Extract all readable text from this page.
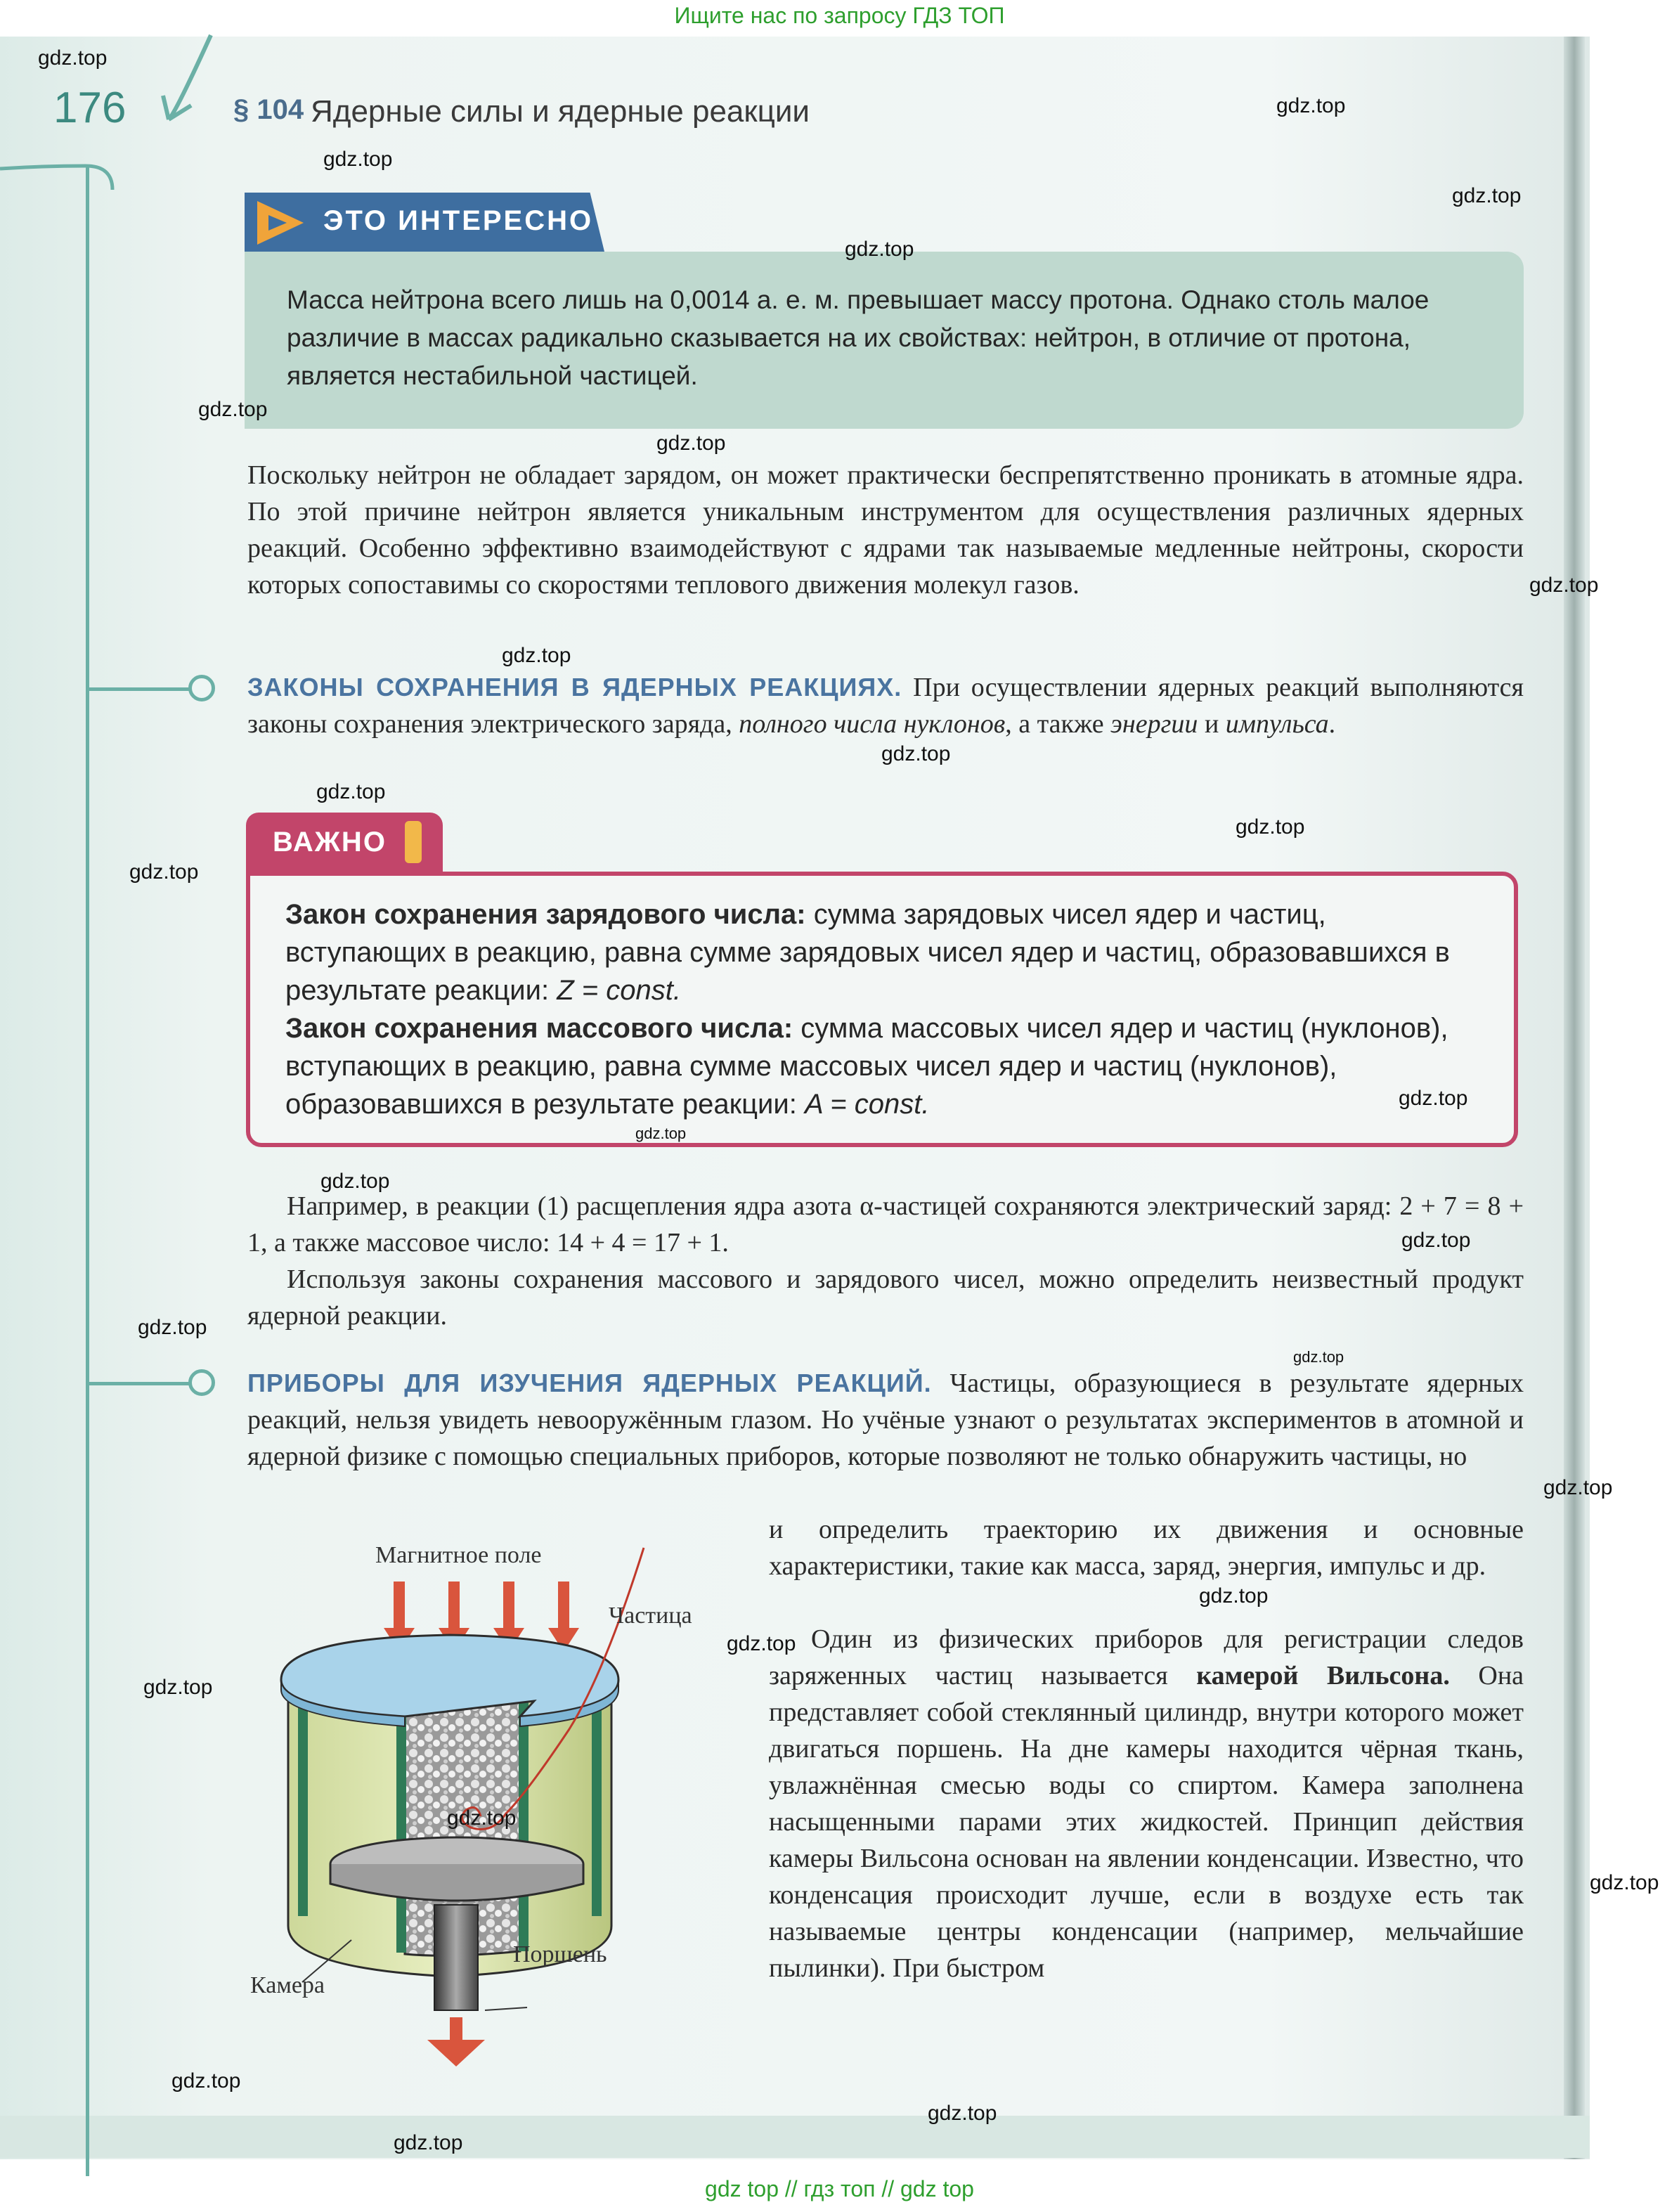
Ищите нас по запросу ГДЗ ТОП
gdz top // гдз топ // gdz top
176	§ 104 Ядерные силы и ядерные реакции
ЭТО ИНТЕРЕСНО
Масса нейтрона всего лишь на 0,0014 а. е. м. превышает массу протона. Однако столь малое различие в массах радикально сказывается на их свойствах: нейтрон, в отличие от протона, является нестабильной частицей.
Поскольку нейтрон не обладает зарядом, он может практически беспрепятственно проникать в атомные ядра. По этой причине нейтрон является уникальным инструментом для осуществления различных ядерных реакций. Особенно эффективно взаимодействуют с ядрами так называемые медленные нейтроны, скорости которых сопоставимы со скоростями теплового движения молекул газов.
ЗАКОНЫ СОХРАНЕНИЯ В ЯДЕРНЫХ РЕАКЦИЯХ. При осуществлении ядерных реакций выполняются законы сохранения электрического заряда, полного числа нуклонов, а также энергии и импульса.
ВАЖНО
Закон сохранения зарядового числа: сумма зарядовых чисел ядер и частиц, вступающих в реакцию, равна сумме зарядовых чисел ядер и частиц, образовавшихся в результате реакции: Z = const.
Закон сохранения массового числа: сумма массовых чисел ядер и частиц (нуклонов), вступающих в реакцию, равна сумме массовых чисел ядер и частиц (нуклонов), образовавшихся в результате реакции: A = const.
Например, в реакции (1) расщепления ядра азота α-частицей сохраняются электрический заряд: 2 + 7 = 8 + 1, а также массовое число: 14 + 4 = 17 + 1.
Используя законы сохранения массового и зарядового чисел, можно определить неизвестный продукт ядерной реакции.
ПРИБОРЫ ДЛЯ ИЗУЧЕНИЯ ЯДЕРНЫХ РЕАКЦИЙ. Частицы, образующиеся в результате ядерных реакций, нельзя увидеть невооружённым глазом. Но учёные узнают о результатах экспериментов в атомной и ядерной физике с помощью специальных приборов, которые позволяют не только обнаружить частицы, но
и определить траекторию их движения и основные характеристики, такие как масса, заряд, энергия, импульс и др.
Один из физических приборов для регистрации следов заряженных частиц называется камерой Вильсона. Она представляет собой стеклянный цилиндр, внутри которого может двигаться поршень. На дне камеры находится чёрная ткань, увлажнённая смесью воды со спиртом. Камера заполнена насыщенными парами этих жидкостей. Принцип действия камеры Вильсона основан на явлении конденсации. Известно, что конденсация происходит лучше, если в воздухе есть так называемые центры конденсации (например, мельчайшие пылинки). При быстром
Магнитное поле
Частица
Поршень
Камера
gdz.top
gdz.top
gdz.top
gdz.top
gdz.top
gdz.top
gdz.top
gdz.top
gdz.top
gdz.top
gdz.top
gdz.top
gdz.top
gdz.top
gdz.top
gdz.top
gdz.top
gdz.top
gdz.top
gdz.top
gdz.top
gdz.top
gdz.top
gdz.top
gdz.top
gdz.top
gdz.top
gdz.top
